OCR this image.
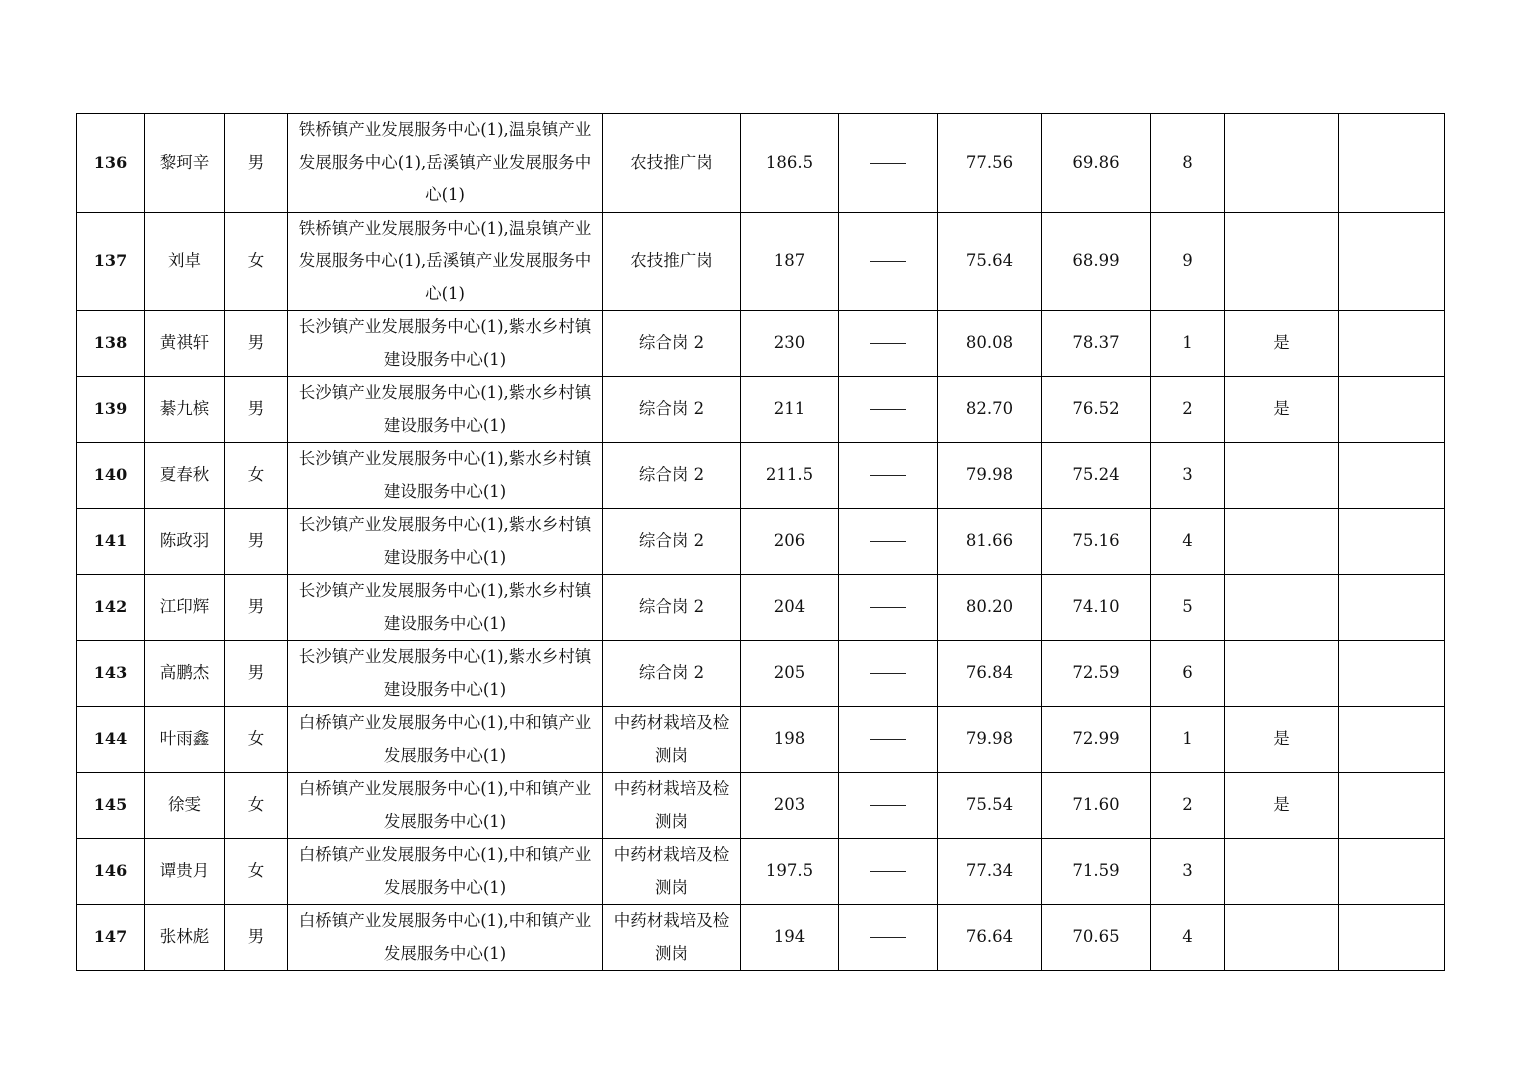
136	黎珂辛	男	铁桥镇产业发展服务中心(1),温泉镇产业发展服务中心(1),岳溪镇产业发展服务中心(1)	农技推广岗	186.5		77.56	69.86	8		
137	刘卓	女	铁桥镇产业发展服务中心(1),温泉镇产业发展服务中心(1),岳溪镇产业发展服务中心(1)	农技推广岗	187		75.64	68.99	9		
138	黄祺轩	男	长沙镇产业发展服务中心(1),紫水乡村镇建设服务中心(1)	综合岗 2	230		80.08	78.37	1	是	
139	綦九槟	男	长沙镇产业发展服务中心(1),紫水乡村镇建设服务中心(1)	综合岗 2	211		82.70	76.52	2	是	
140	夏春秋	女	长沙镇产业发展服务中心(1),紫水乡村镇建设服务中心(1)	综合岗 2	211.5		79.98	75.24	3		
141	陈政羽	男	长沙镇产业发展服务中心(1),紫水乡村镇建设服务中心(1)	综合岗 2	206		81.66	75.16	4		
142	江印辉	男	长沙镇产业发展服务中心(1),紫水乡村镇建设服务中心(1)	综合岗 2	204		80.20	74.10	5		
143	高鹏杰	男	长沙镇产业发展服务中心(1),紫水乡村镇建设服务中心(1)	综合岗 2	205		76.84	72.59	6		
144	叶雨鑫	女	白桥镇产业发展服务中心(1),中和镇产业发展服务中心(1)	中药材栽培及检测岗	198		79.98	72.99	1	是	
145	徐雯	女	白桥镇产业发展服务中心(1),中和镇产业发展服务中心(1)	中药材栽培及检测岗	203		75.54	71.60	2	是	
146	谭贵月	女	白桥镇产业发展服务中心(1),中和镇产业发展服务中心(1)	中药材栽培及检测岗	197.5		77.34	71.59	3		
147	张林彪	男	白桥镇产业发展服务中心(1),中和镇产业发展服务中心(1)	中药材栽培及检测岗	194		76.64	70.65	4		
